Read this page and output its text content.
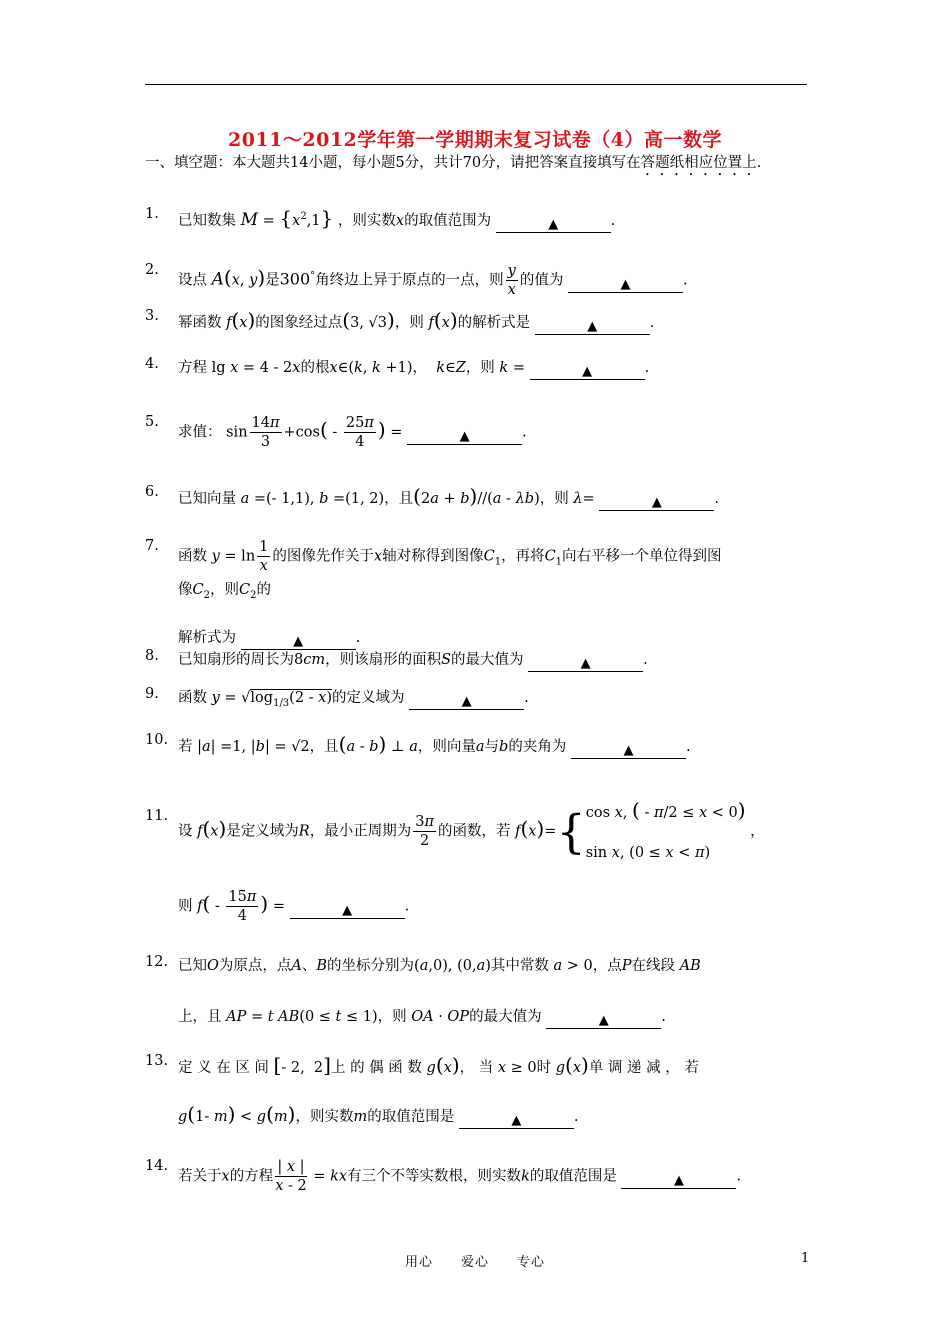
2011～2012学年第一学期期末复习试卷（4）高一数学
一、填空题：本大题共14小题，每小题5分，共计70分，请把答案直接填写在答题纸相应位置上.
1.	已知数集 $M = \{x^2,1\}$ ，则实数x的取值范围为	▲	.
2.
设点 A(x, y)是300°角终边上异于原点的一点，则 $\frac{y}{x}$ 的值为	▲	.
3.	幂函数 f(x)的图象经过点(3, √3)，则 f(x)的解析式是	▲	.
4.	方程 lg x = 4 - 2x的根x∈(k, k +1)，  k∈Z，则 k =	▲	.
5.
求值： $\sin \frac{14\pi}{3} +\cos( - \frac{25\pi}{4}$ ) =	▲	.
6.	已知向量 a =(- 1,1), b =(1, 2)，且(2a + b)//(a - λb)，则 λ=	▲	.
7.
函数 $y = \ln \frac{1}{x}$ 的图像先作关于x轴对称得到图像$C_1$，再将$C_1$向右平移一个单位得到图
像$C_2$，则$C_2$的
解析式为	▲	.
8.	已知扇形的周长为8cm，则该扇形的面积S的最大值为	▲	.
9.	函数 $y = √\log_{1/3}(2 - x)$的定义域为	▲	.
10. 若 |a| =1, |b| = √2，且(a - b) ⊥ a，则向量a与b的夹角为	▲	.
11.
设 f(x)是定义域为R，最小正周期为 $\frac{3\pi}{2}$ 的函数，若 f(x)={cos x, ( - π/2 ≤ x < 0)
sin x, (0 ≤ x < π) ，
则 $f( - \frac{15\pi}{4}$ ) =	▲	.
12. 已知O为原点，点A、B的坐标分别为(a,0), (0,a)其中常数 a > 0，点P在线段 AB
上，且 AP = t AB(0 ≤ t ≤ 1)，则 OA · OP的最大值为	▲	.
13. 定 义 在 区 间 [- 2,  2]上 的 偶 函 数 g(x)， 当 x ≥ 0时 g(x)单 调 递 减 ， 若
g(1- m) < g(m)，则实数m的取值范围是	▲	.
14.
若关于x的方程 $\frac{| x |}{x - 2}$ = kx有三个不等实数根，则实数k的取值范围是	▲	.
用心　　爱心　　专心	1
